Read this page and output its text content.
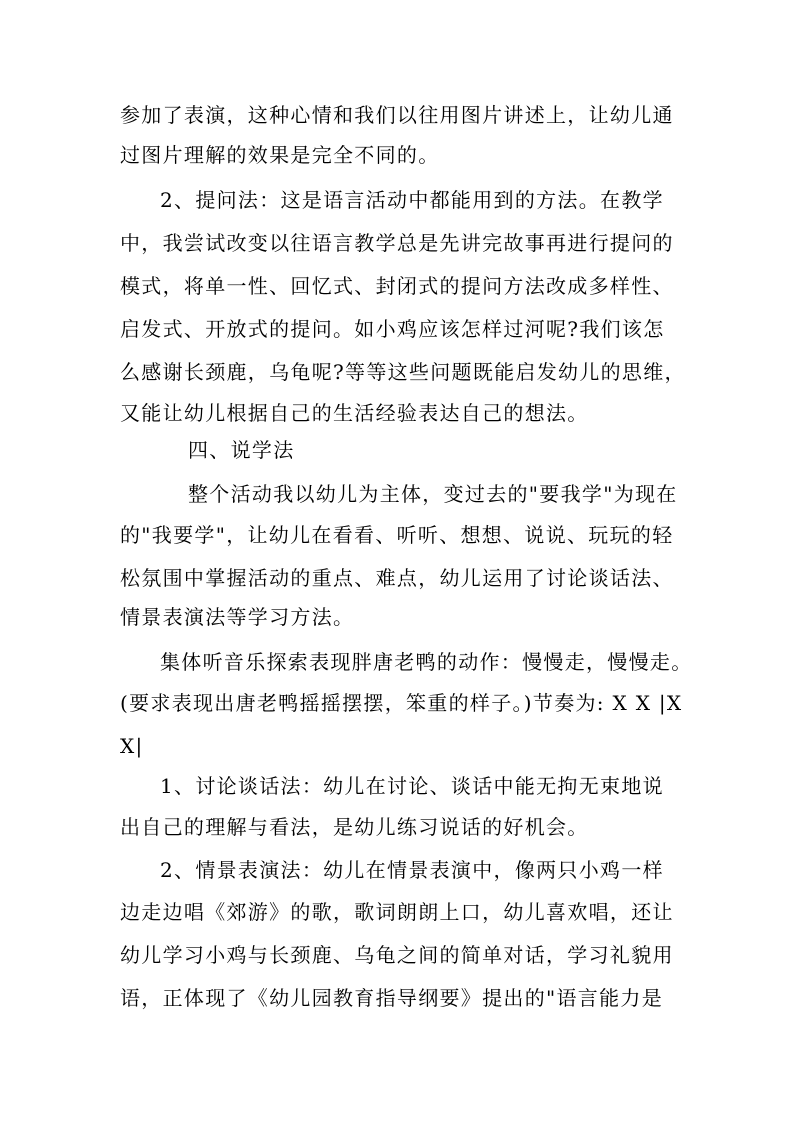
参加了表演，这种心情和我们以往用图片讲述上，让幼儿通
过图片理解的效果是完全不同的。
2、提问法：这是语言活动中都能用到的方法。在教学
中，我尝试改变以往语言教学总是先讲完故事再进行提问的
模式，将单一性、回忆式、封闭式的提问方法改成多样性、
启发式、开放式的提问。如小鸡应该怎样过河呢?我们该怎
么感谢长颈鹿，乌龟呢?等等这些问题既能启发幼儿的思维，
又能让幼儿根据自己的生活经验表达自己的想法。
四、说学法
整个活动我以幼儿为主体，变过去的"要我学"为现在
的"我要学"，让幼儿在看看、听听、想想、说说、玩玩的轻
松氛围中掌握活动的重点、难点，幼儿运用了讨论谈话法、
情景表演法等学习方法。
集体听音乐探索表现胖唐老鸭的动作：慢慢走，慢慢走。
(要求表现出唐老鸭摇摇摆摆，笨重的样子。)节奏为: X X |X
X|
1、讨论谈话法：幼儿在讨论、谈话中能无拘无束地说
出自己的理解与看法，是幼儿练习说话的好机会。
2、情景表演法：幼儿在情景表演中，像两只小鸡一样
边走边唱《郊游》的歌，歌词朗朗上口，幼儿喜欢唱，还让
幼儿学习小鸡与长颈鹿、乌龟之间的简单对话，学习礼貌用
语，正体现了《幼儿园教育指导纲要》提出的"语言能力是
